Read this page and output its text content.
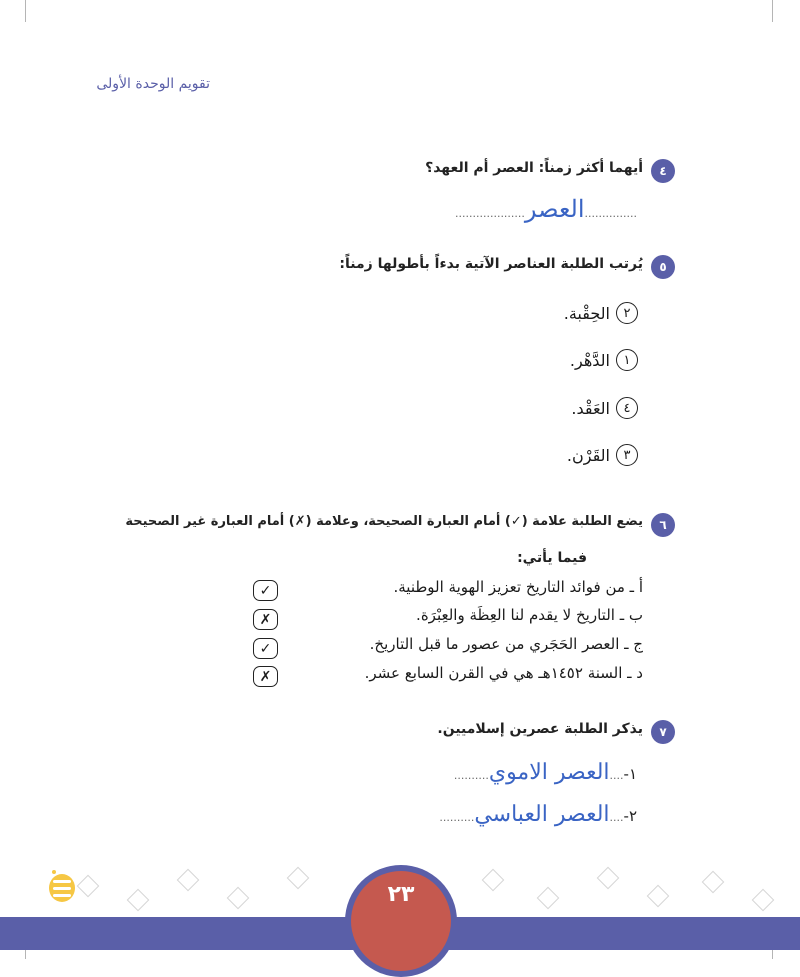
تقويم الوحدة الأولى
٤
أيهما أكثر زمناً: العصر أم العهد؟
...............العصر....................
٥
يُرتب الطلبة العناصر الآتية بدءاً بأطولها زمناً:
٢
الحِقْبة.
١
الدَّهْر.
٤
العَقْد.
٣
القَرْن.
٦
يضع الطلبة علامة (✓) أمام العبارة الصحيحة، وعلامة (✗) أمام العبارة غير الصحيحة
فيما يأتي:
أ ـ من فوائد التاريخ تعزيز الهوية الوطنية.
✓
ب ـ التاريخ لا يقدم لنا العِظَة والعِبْرَة.
✗
ج ـ العصر الحَجَري من عصور ما قبل التاريخ.
✓
د ـ السنة ١٤٥٢هـ هي في القرن السابع عشر.
✗
٧
يذكر الطلبة عصرين إسلاميين.
١-....العصر الاموي..........
٢-....العصر العباسي..........
٢٣
